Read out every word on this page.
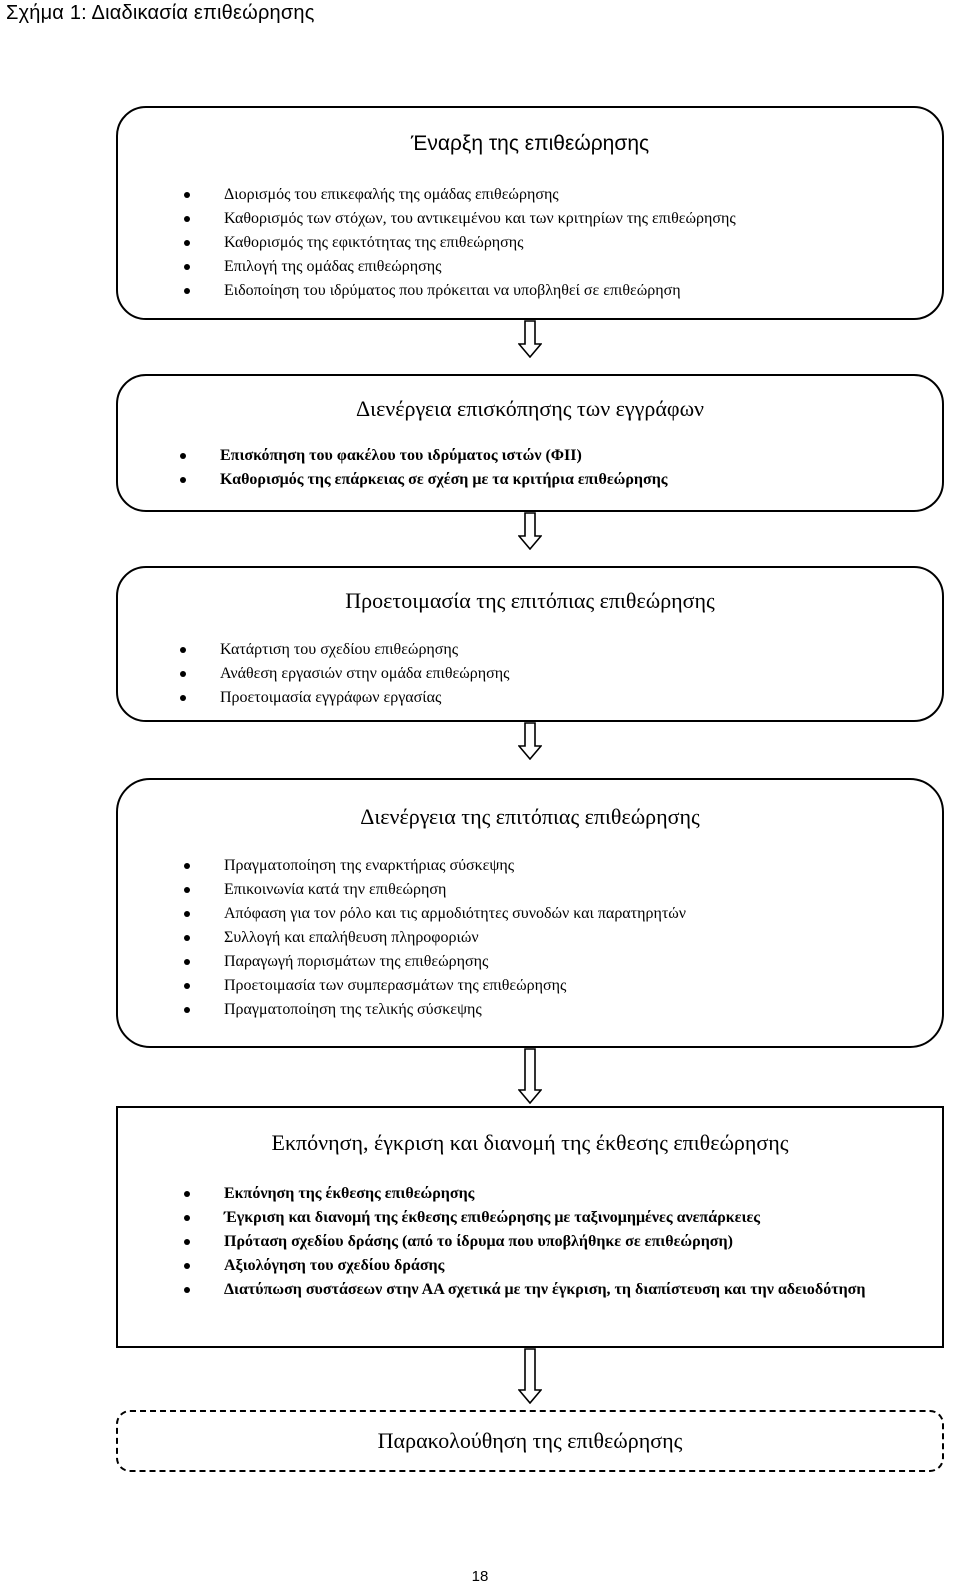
Σχήμα 1: Διαδικασία επιθεώρησης
Έναρξη της επιθεώρησης
Διορισμός του επικεφαλής της ομάδας επιθεώρησης
Καθορισμός των στόχων, του αντικειμένου και των κριτηρίων της επιθεώρησης
Καθορισμός της εφικτότητας της επιθεώρησης
Επιλογή της ομάδας επιθεώρησης
Ειδοποίηση του ιδρύματος που πρόκειται να υποβληθεί σε επιθεώρηση
Διενέργεια επισκόπησης των εγγράφων
Επισκόπηση του φακέλου του ιδρύματος ιστών (ΦΙΙ)
Καθορισμός της επάρκειας σε σχέση με τα κριτήρια επιθεώρησης
Προετοιμασία της επιτόπιας επιθεώρησης
Κατάρτιση του σχεδίου επιθεώρησης
Ανάθεση εργασιών στην ομάδα επιθεώρησης
Προετοιμασία εγγράφων εργασίας
Διενέργεια της επιτόπιας επιθεώρησης
Πραγματοποίηση της εναρκτήριας σύσκεψης
Επικοινωνία κατά την επιθεώρηση
Απόφαση για τον ρόλο και τις αρμοδιότητες συνοδών και παρατηρητών
Συλλογή και επαλήθευση πληροφοριών
Παραγωγή πορισμάτων της επιθεώρησης
Προετοιμασία των συμπερασμάτων της επιθεώρησης
Πραγματοποίηση της τελικής σύσκεψης
Εκπόνηση, έγκριση και διανομή της έκθεσης επιθεώρησης
Εκπόνηση της έκθεσης επιθεώρησης
Έγκριση και διανομή της έκθεσης επιθεώρησης με ταξινομημένες ανεπάρκειες
Πρόταση σχεδίου δράσης (από το ίδρυμα που υποβλήθηκε σε επιθεώρηση)
Αξιολόγηση του σχεδίου δράσης
Διατύπωση συστάσεων στην ΑΑ σχετικά με την έγκριση, τη διαπίστευση και την αδειοδότηση
Παρακολούθηση της επιθεώρησης
18
